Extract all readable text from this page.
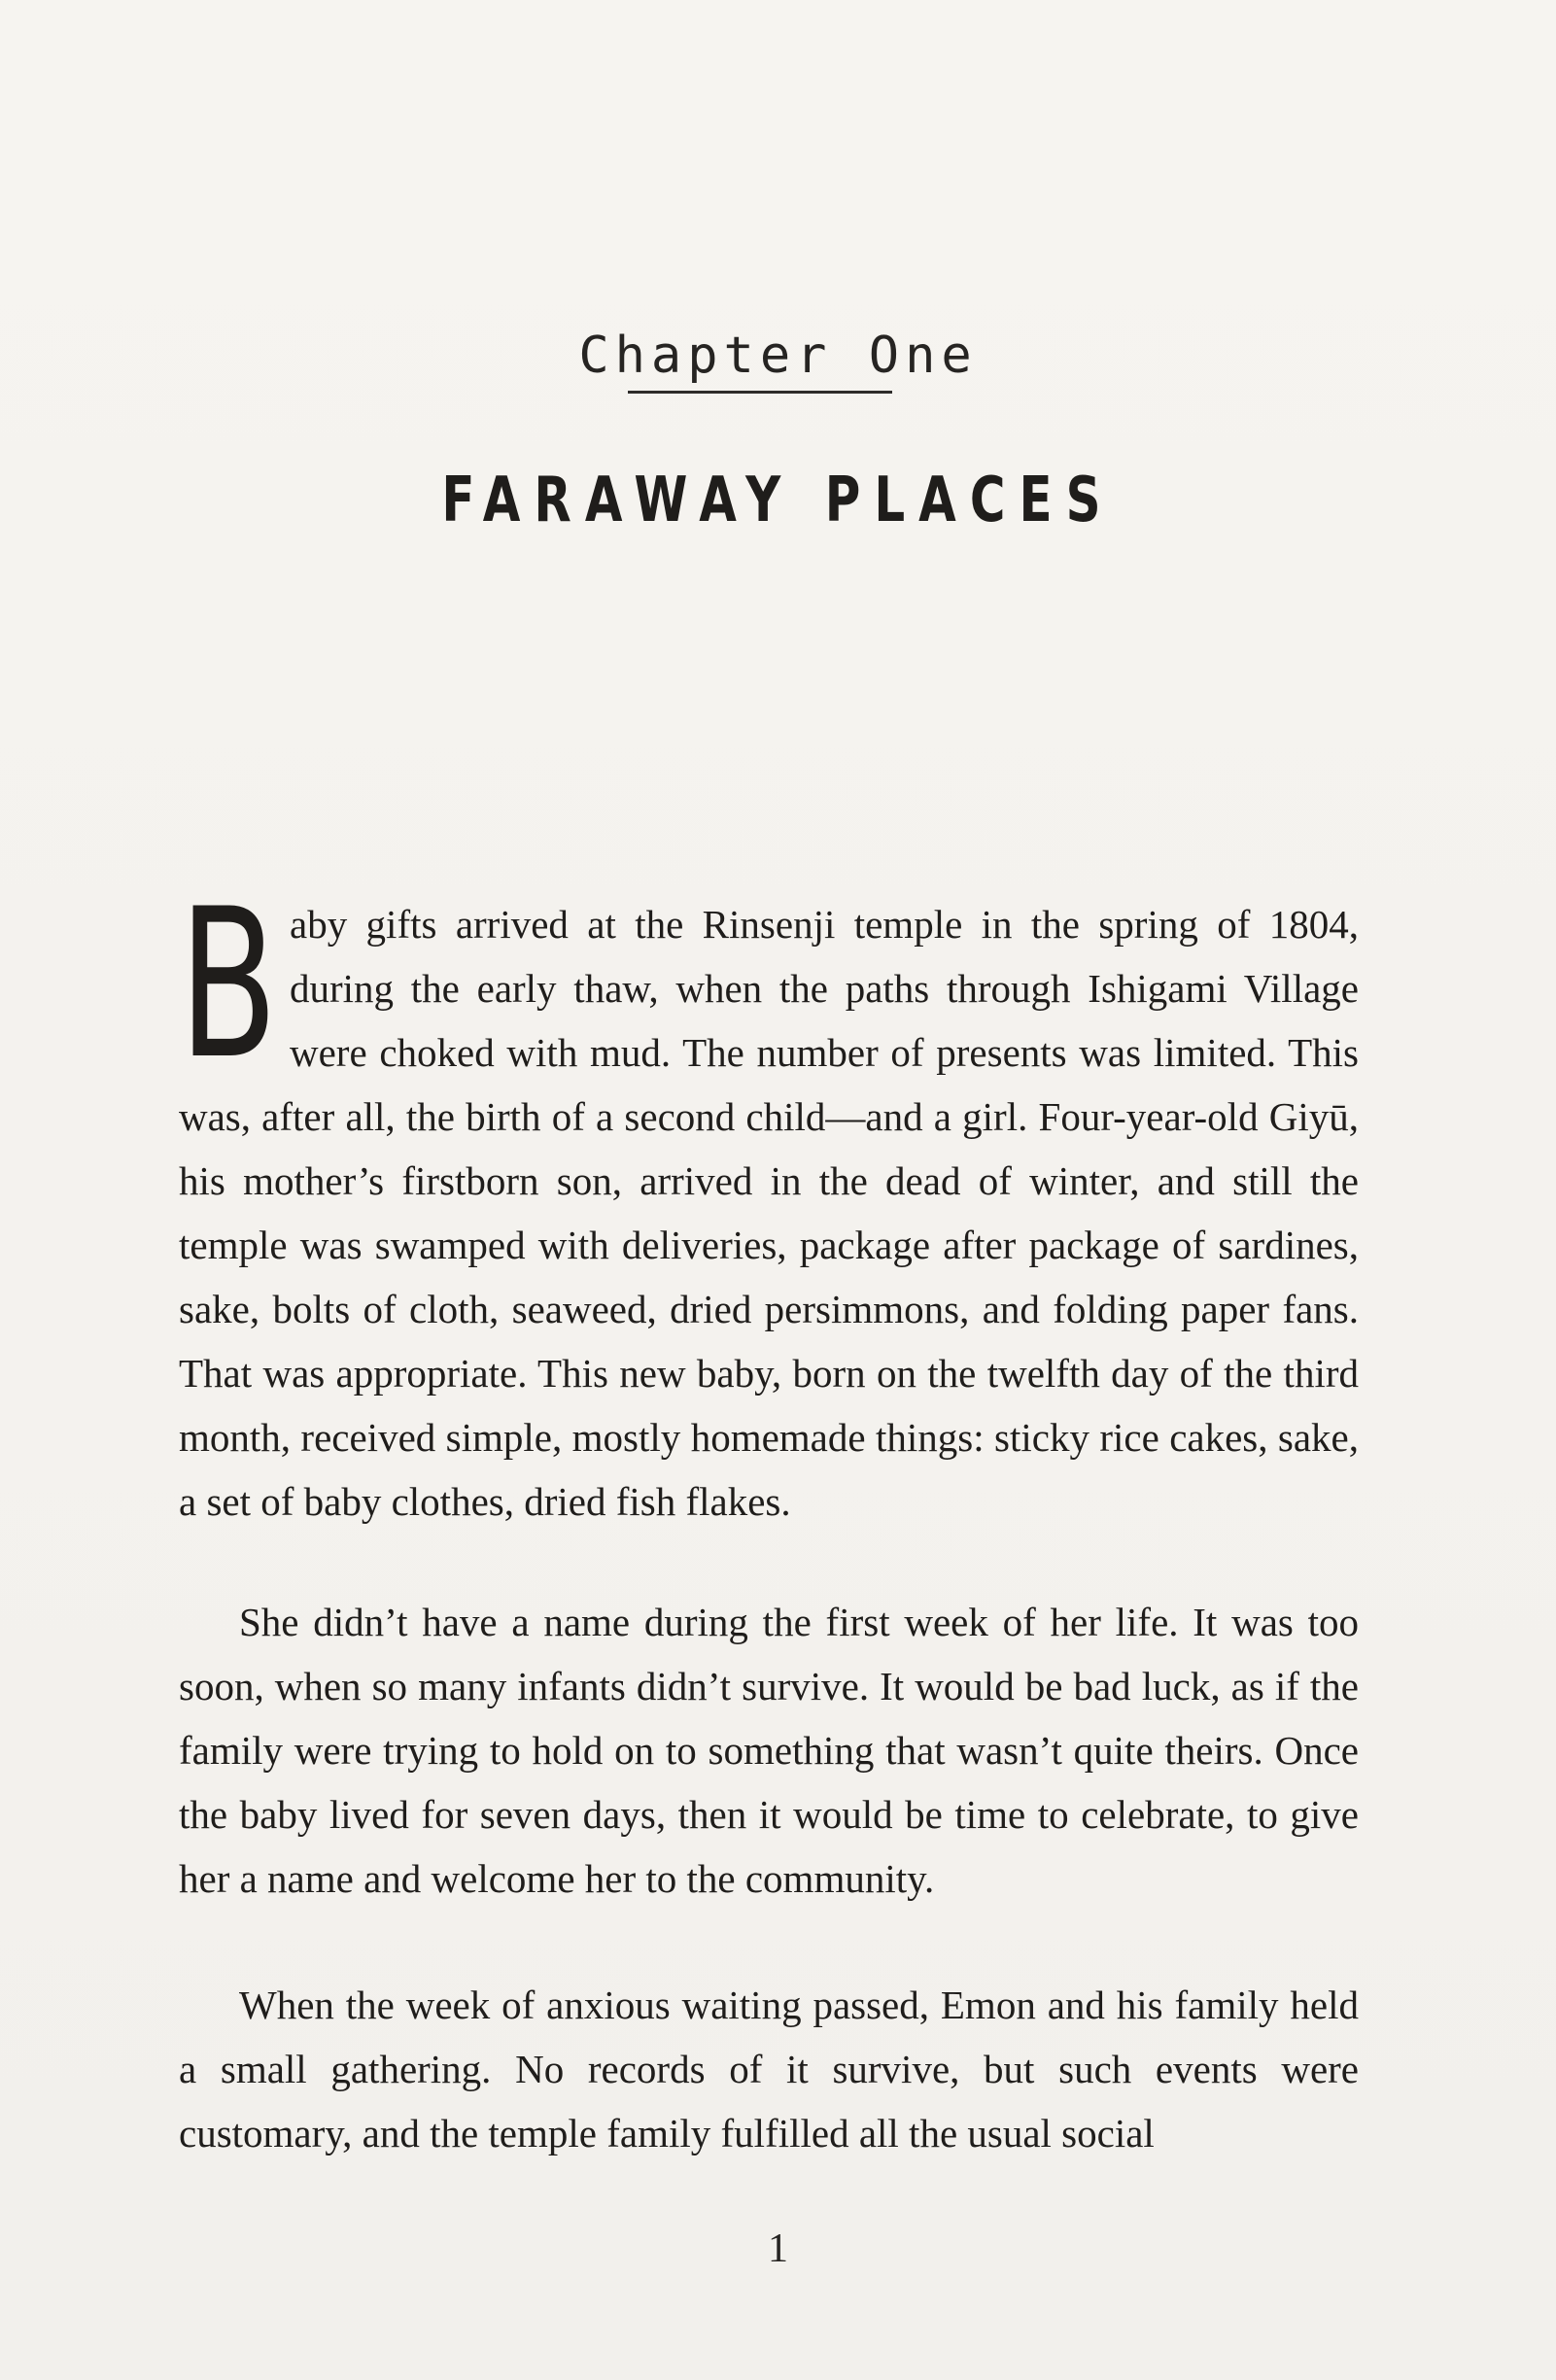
Chapter One
FARAWAY PLACES
Baby gifts arrived at the Rinsenji temple in the spring of 1804, during the early thaw, when the paths through Ishigami Village were choked with mud. The number of presents was limited. This was, after all, the birth of a second child—and a girl. Four-year-old Giyū, his mother’s firstborn son, arrived in the dead of winter, and still the temple was swamped with deliveries, package after package of sardines, sake, bolts of cloth, seaweed, dried persimmons, and folding paper fans. That was appropriate. This new baby, born on the twelfth day of the third month, received simple, mostly homemade things: sticky rice cakes, sake, a set of baby clothes, dried fish flakes.
She didn’t have a name during the first week of her life. It was too soon, when so many infants didn’t survive. It would be bad luck, as if the family were trying to hold on to something that wasn’t quite theirs. Once the baby lived for seven days, then it would be time to celebrate, to give her a name and welcome her to the community.
When the week of anxious waiting passed, Emon and his family held a small gathering. No records of it survive, but such events were customary, and the temple family fulfilled all the usual social
1
